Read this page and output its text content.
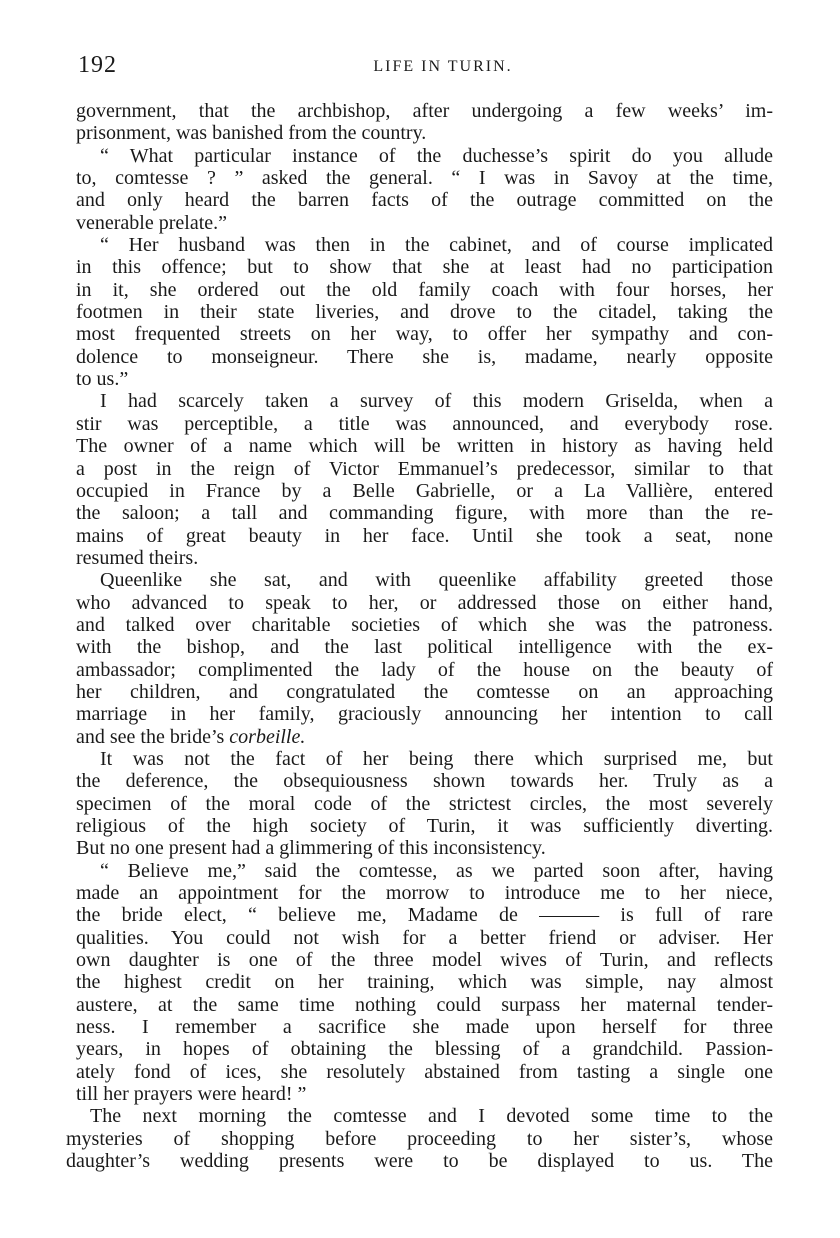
192	LIFE IN TURIN.
government, that the archbishop, after undergoing a few weeks’ im-
prisonment, was banished from the country.
“ What particular instance of the duchesse’s spirit do you allude
to, comtesse ? ” asked the general. “ I was in Savoy at the time,
and only heard the barren facts of the outrage committed on the
venerable prelate.”
“ Her husband was then in the cabinet, and of course implicated
in this offence; but to show that she at least had no participation
in it, she ordered out the old family coach with four horses, her
footmen in their state liveries, and drove to the citadel, taking the
most frequented streets on her way, to offer her sympathy and con-
dolence to monseigneur. There she is, madame, nearly opposite
to us.”
I had scarcely taken a survey of this modern Griselda, when a
stir was perceptible, a title was announced, and everybody rose.
The owner of a name which will be written in history as having held
a post in the reign of Victor Emmanuel’s predecessor, similar to that
occupied in France by a Belle Gabrielle, or a La Vallière, entered
the saloon; a tall and commanding figure, with more than the re-
mains of great beauty in her face. Until she took a seat, none
resumed theirs.
Queenlike she sat, and with queenlike affability greeted those
who advanced to speak to her, or addressed those on either hand,
and talked over charitable societies of which she was the patroness.
with the bishop, and the last political intelligence with the ex-
ambassador; complimented the lady of the house on the beauty of
her children, and congratulated the comtesse on an approaching
marriage in her family, graciously announcing her intention to call
and see the bride’s corbeille.
It was not the fact of her being there which surprised me, but
the deference, the obsequiousness shown towards her. Truly as a
specimen of the moral code of the strictest circles, the most severely
religious of the high society of Turin, it was sufficiently diverting.
But no one present had a glimmering of this inconsistency.
“ Believe me,” said the comtesse, as we parted soon after, having
made an appointment for the morrow to introduce me to her niece,
the bride elect, “ believe me, Madame de ——— is full of rare
qualities. You could not wish for a better friend or adviser. Her
own daughter is one of the three model wives of Turin, and reflects
the highest credit on her training, which was simple, nay almost
austere, at the same time nothing could surpass her maternal tender-
ness. I remember a sacrifice she made upon herself for three
years, in hopes of obtaining the blessing of a grandchild. Passion-
ately fond of ices, she resolutely abstained from tasting a single one
till her prayers were heard! ”
The next morning the comtesse and I devoted some time to the
mysteries of shopping before proceeding to her sister’s, whose
daughter’s wedding presents were to be displayed to us. The
